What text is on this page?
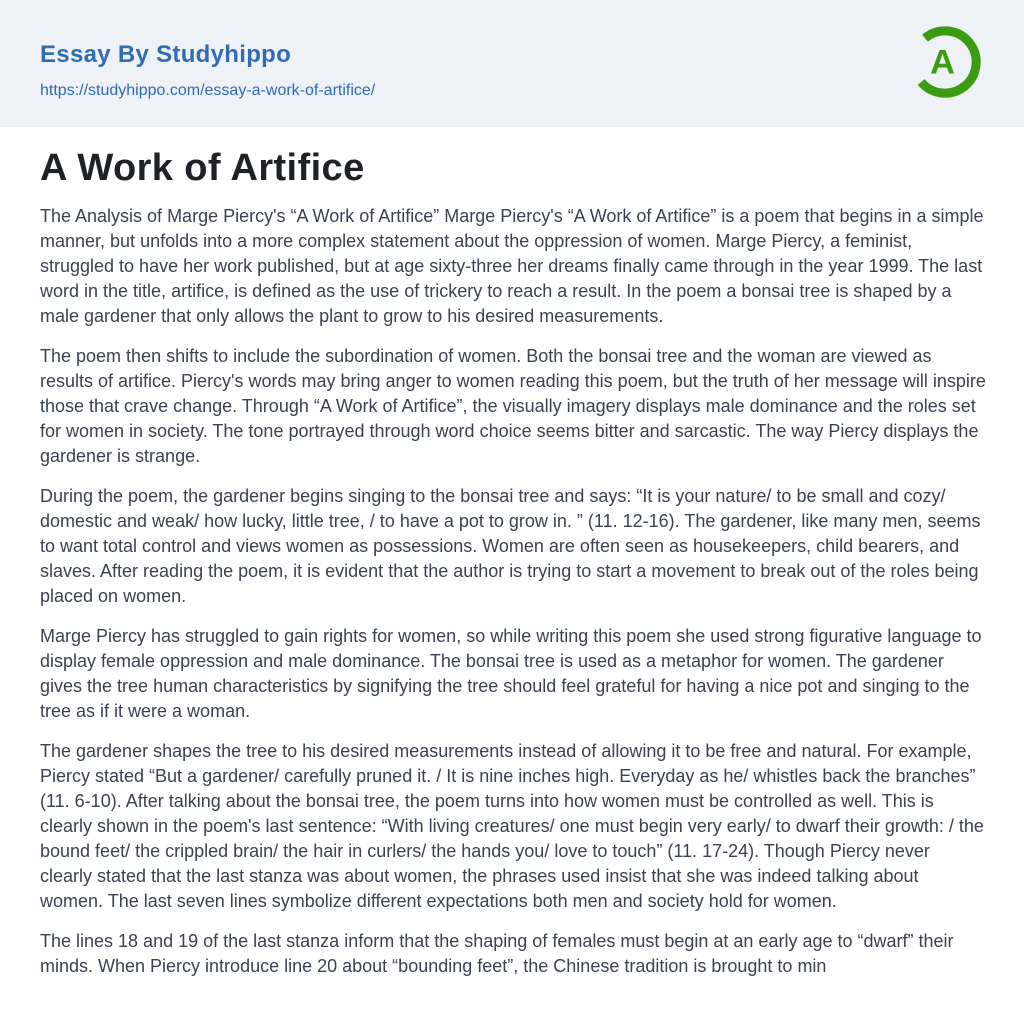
Essay By Studyhippo
https://studyhippo.com/essay-a-work-of-artifice/
A
A Work of Artifice

The Analysis of Marge Piercy's “A Work of Artifice” Marge Piercy's “A Work of Artifice” is a poem that begins in a simple manner, but unfolds into a more complex statement about the oppression of women. Marge Piercy, a feminist, struggled to have her work published, but at age sixty-three her dreams finally came through in the year 1999. The last word in the title, artifice, is defined as the use of trickery to reach a result. In the poem a bonsai tree is shaped by a male gardener that only allows the plant to grow to his desired measurements.

The poem then shifts to include the subordination of women. Both the bonsai tree and the woman are viewed as results of artifice. Piercy's words may bring anger to women reading this poem, but the truth of her message will inspire those that crave change. Through “A Work of Artifice”, the visually imagery displays male dominance and the roles set for women in society. The tone portrayed through word choice seems bitter and sarcastic. The way Piercy displays the gardener is strange.

During the poem, the gardener begins singing to the bonsai tree and says: “It is your nature/ to be small and cozy/ domestic and weak/ how lucky, little tree, / to have a pot to grow in. ” (11. 12-16). The gardener, like many men, seems to want total control and views women as possessions. Women are often seen as housekeepers, child bearers, and slaves. After reading the poem, it is evident that the author is trying to start a movement to break out of the roles being placed on women.

Marge Piercy has struggled to gain rights for women, so while writing this poem she used strong figurative language to display female oppression and male dominance. The bonsai tree is used as a metaphor for women. The gardener gives the tree human characteristics by signifying the tree should feel grateful for having a nice pot and singing to the tree as if it were a woman.

The gardener shapes the tree to his desired measurements instead of allowing it to be free and natural. For example, Piercy stated “But a gardener/ carefully pruned it. / It is nine inches high. Everyday as he/ whistles back the branches” (11. 6-10). After talking about the bonsai tree, the poem turns into how women must be controlled as well. This is clearly shown in the poem's last sentence: “With living creatures/ one must begin very early/ to dwarf their growth: / the bound feet/ the crippled brain/ the hair in curlers/ the hands you/ love to touch” (11. 17-24). Though Piercy never clearly stated that the last stanza was about women, the phrases used insist that she was indeed talking about women. The last seven lines symbolize different expectations both men and society hold for women.

The lines 18 and 19 of the last stanza inform that the shaping of females must begin at an early age to “dwarf” their minds. When Piercy introduce line 20 about “bounding feet”, the Chinese tradition is brought to min
